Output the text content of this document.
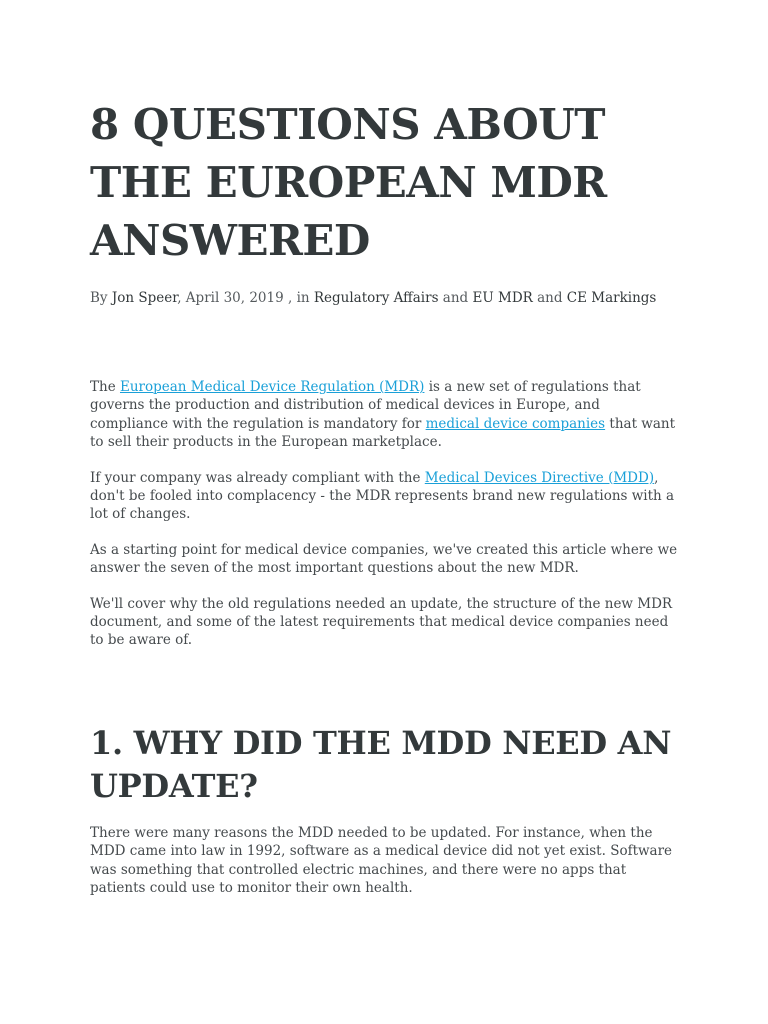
8 QUESTIONS ABOUT THE EUROPEAN MDR ANSWERED
By Jon Speer, April 30, 2019 , in Regulatory Affairs and EU MDR and CE Markings

The European Medical Device Regulation (MDR) is a new set of regulations that governs the production and distribution of medical devices in Europe, and compliance with the regulation is mandatory for medical device companies that want to sell their products in the European marketplace.

If your company was already compliant with the Medical Devices Directive (MDD), don't be fooled into complacency - the MDR represents brand new regulations with a lot of changes.

As a starting point for medical device companies, we've created this article where we answer the seven of the most important questions about the new MDR.

We'll cover why the old regulations needed an update, the structure of the new MDR document, and some of the latest requirements that medical device companies need to be aware of.

1. WHY DID THE MDD NEED AN UPDATE?

There were many reasons the MDD needed to be updated. For instance, when the MDD came into law in 1992, software as a medical device did not yet exist. Software was something that controlled electric machines, and there were no apps that patients could use to monitor their own health.
